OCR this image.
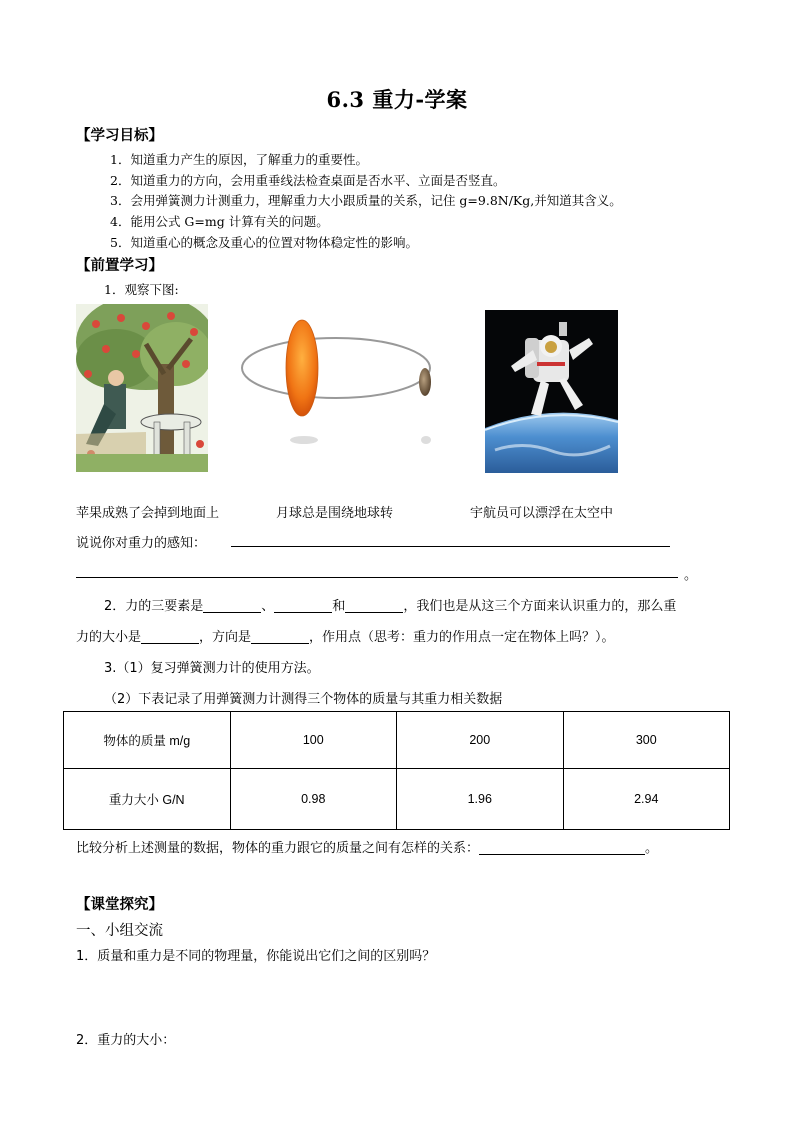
6.3 重力-学案
【学习目标】
1．知道重力产生的原因，了解重力的重要性。
2．知道重力的方向，会用重垂线法检查桌面是否水平、立面是否竖直。
3．会用弹簧测力计测重力，理解重力大小跟质量的关系，记住 g=9.8N/Kg,并知道其含义。
4．能用公式 G=mg 计算有关的问题。
5．知道重心的概念及重心的位置对物体稳定性的影响。
【前置学习】
1．观察下图:
苹果成熟了会掉到地面上	月球总是围绕地球转	宇航员可以漂浮在太空中
说说你对重力的感知：
。
2．力的三要素是	、	和	，我们也是从这三个方面来认识重力的，那么重
力的大小是	，方向是	，作用点（思考：重力的作用点一定在物体上吗？）。
3.（1）复习弹簧测力计的使用方法。
（2）下表记录了用弹簧测力计测得三个物体的质量与其重力相关数据
物体的质量 m/g	100	200	300
重力大小 G/N	0.98	1.96	2.94
比较分析上述测量的数据，物体的重力跟它的质量之间有怎样的关系：	。
【课堂探究】
一、小组交流
1．质量和重力是不同的物理量，你能说出它们之间的区别吗？
2．重力的大小：
